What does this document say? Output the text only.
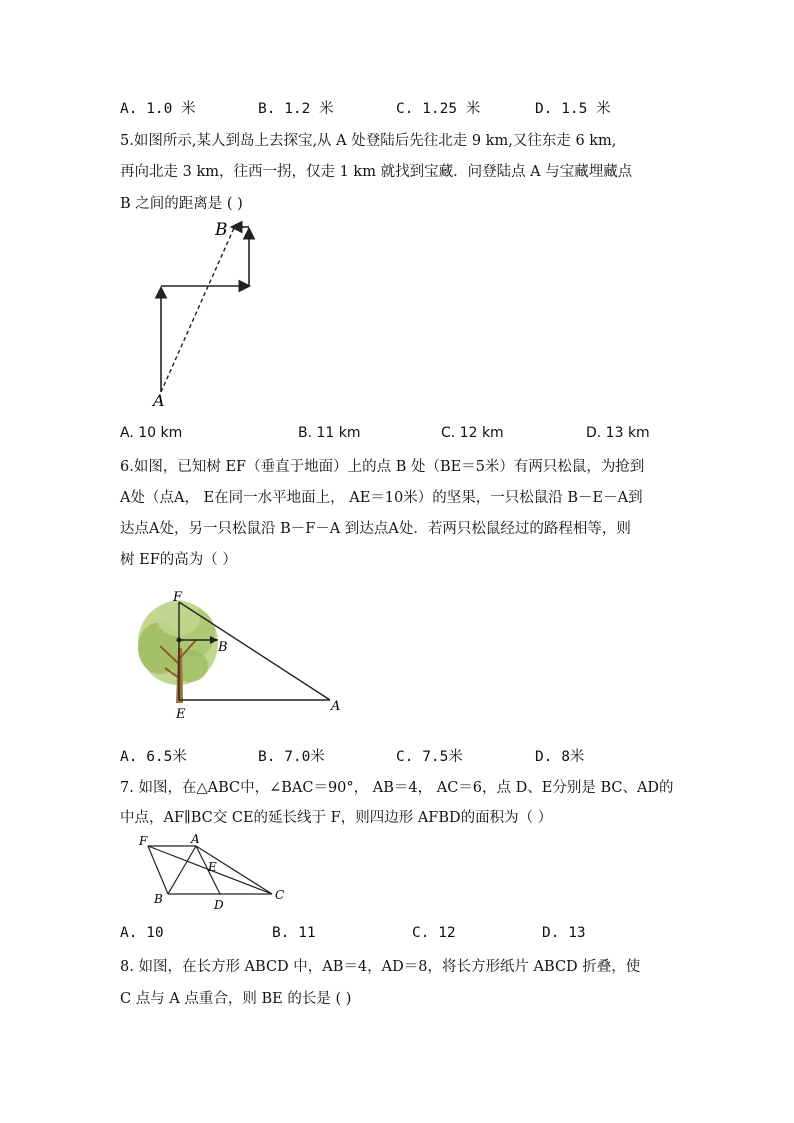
A. 1.0 米	B. 1.2 米	C. 1.25 米	D. 1.5 米
5.如图所示,某人到岛上去探宝,从 A 处登陆后先往北走 9 km,又往东走 6 km,
再向北走 3 km，往西一拐，仅走 1 km 就找到宝藏．问登陆点 A 与宝藏埋藏点
B 之间的距离是 ( )
A
B
A. 10 km	B. 11 km	C. 12 km	D. 13 km
6.如图，已知树 EF（垂直于地面）上的点 B 处（BE＝5米）有两只松鼠，为抢到
A处（点A， E在同一水平地面上， AE＝10米）的坚果，一只松鼠沿 B－E－A到
达点A处，另一只松鼠沿 B－F－A 到达点A处．若两只松鼠经过的路程相等，则
树 EF的高为（ ）
F
B
E
A
A. 6.5米	B. 7.0米	C. 7.5米	D. 8米
7. 如图，在△ABC中，∠BAC＝90°， AB＝4， AC＝6，点 D、E分别是 BC、AD的
中点，AF∥BC交 CE的延长线于 F，则四边形 AFBD的面积为（ ）
F	A
E
B	D
C
A. 10	B. 11	C. 12	D. 13
8. 如图，在长方形 ABCD 中，AB＝4，AD＝8，将长方形纸片 ABCD 折叠，使
C 点与 A 点重合，则 BE 的长是 ( )
